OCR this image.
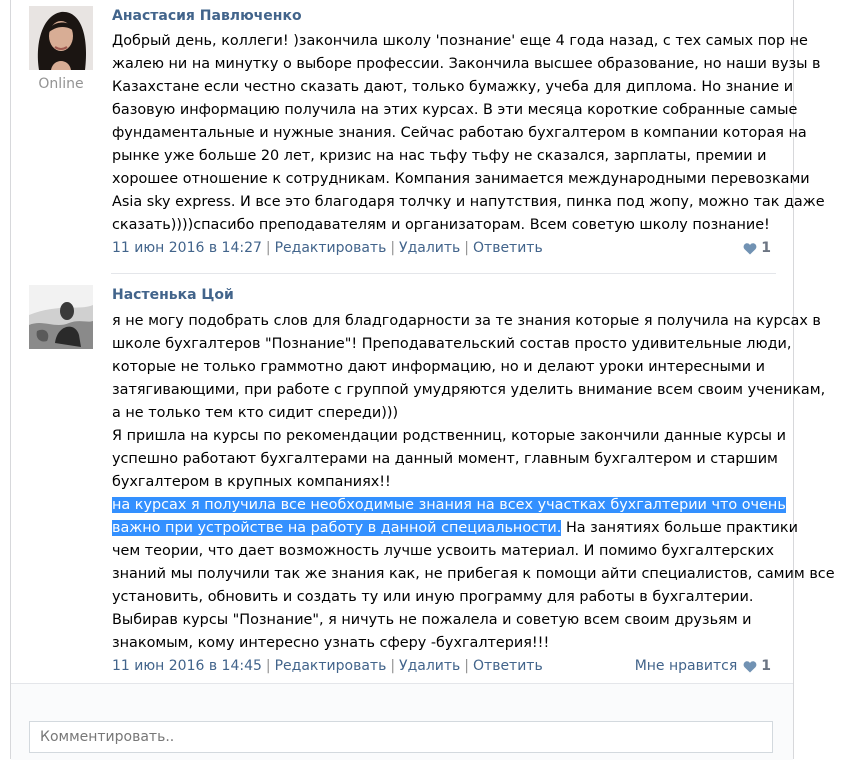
Online
Анастасия Павлюченко
Добрый день, коллеги! )закончила школу 'познание' еще 4 года назад, с тех самых пор не
жалею ни на минутку о выборе профессии. Закончила высшее образование, но наши вузы в
Казахстане если честно сказать дают, только бумажку, учеба для диплома. Но знание и
базовую информацию получила на этих курсах. В эти месяца короткие собранные самые
фундаментальные и нужные знания. Сейчас работаю бухгалтером в компании которая на
рынке уже больше 20 лет, кризис на нас тьфу тьфу не сказался, зарплаты, премии и
хорошее отношение к сотрудникам. Компания занимается международными перевозками
Asia sky express. И все это благодаря толчку и напутствия, пинка под жопу, можно так даже
сказать))))спасибо преподавателям и организаторам. Всем советую школу познание!
11 июн 2016 в 14:27 | Редактировать | Удалить | Ответить	1
Настенька Цой
я не могу подобрать слов для бладгодарности за те знания которые я получила на курсах в
школе бухгалтеров "Познание"! Преподавательский состав просто удивительные люди,
которые не только граммотно дают информацию, но и делают уроки интересными и
затягивающими, при работе с группой умудряются уделить внимание всем своим ученикам,
а не только тем кто сидит спереди)))
Я пришла на курсы по рекомендации родственниц, которые закончили данные курсы и
успешно работают бухгалтерами на данный момент, главным бухгалтером и старшим
бухгалтером в крупных компаниях!!
на курсах я получила все необходимые знания на всех участках бухгалтерии что очень
важно при устройстве на работу в данной специальности. На занятиях больше практики
чем теории, что дает возможность лучше усвоить материал. И помимо бухгалтерских
знаний мы получили так же знания как, не прибегая к помощи айти специалистов, самим все
установить, обновить и создать ту или иную программу для работы в бухгалтерии.
Выбирав курсы "Познание", я ничуть не пожалела и советую всем своим друзьям и
знакомым, кому интересно узнать сферу -бухгалтерия!!!
11 июн 2016 в 14:45 | Редактировать | Удалить | Ответить	Мне нравится 1
Комментировать..
